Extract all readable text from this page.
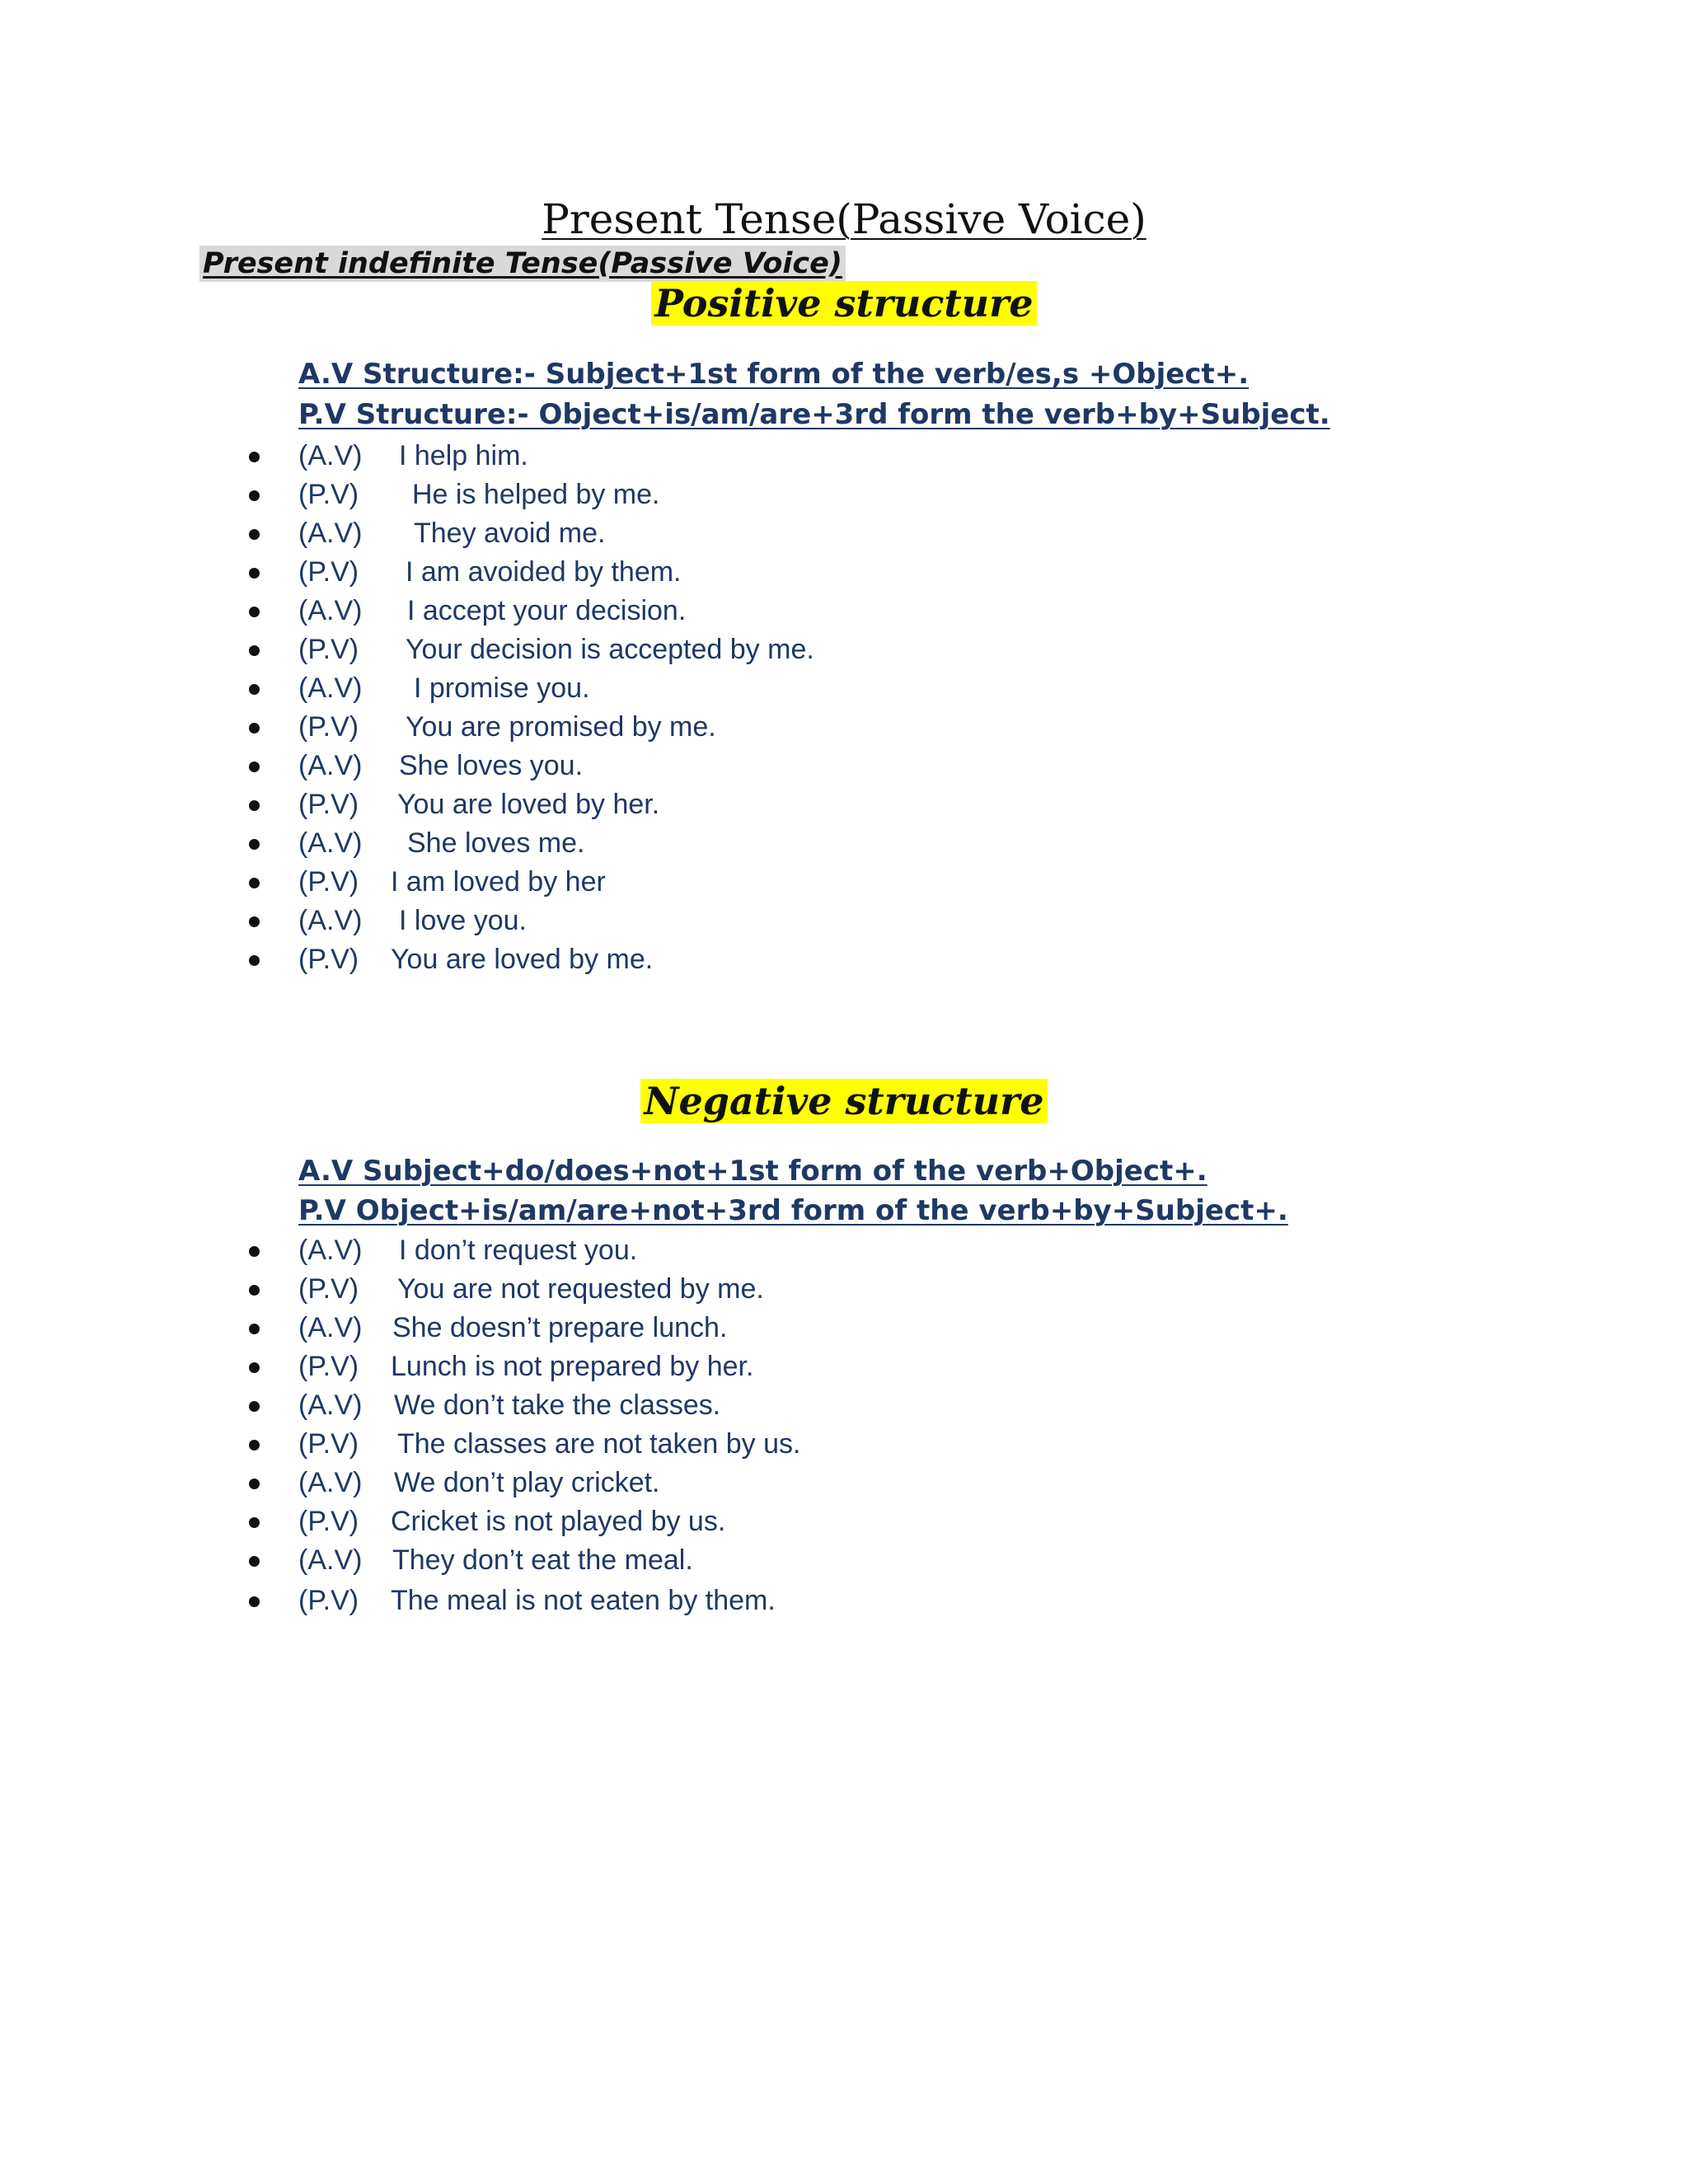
Present Tense(Passive Voice)
Present indefinite Tense(Passive Voice)
Positive structure
A.V Structure:- Subject+1st form of the verb/es,s +Object+.
P.V Structure:- Object+is/am/are+3rd form the verb+by+Subject.
(A.V) I help him.
(P.V) He is helped by me.
(A.V) They avoid me.
(P.V) I am avoided by them.
(A.V) I accept your decision.
(P.V) Your decision is accepted by me.
(A.V) I promise you.
(P.V) You are promised by me.
(A.V) She loves you.
(P.V) You are loved by her.
(A.V) She loves me.
(P.V) I am loved by her
(A.V) I love you.
(P.V) You are loved by me.
Negative structure
A.V Subject+do/does+not+1st form of the verb+Object+.
P.V Object+is/am/are+not+3rd form of the verb+by+Subject+.
(A.V) I don’t request you.
(P.V) You are not requested by me.
(A.V) She doesn’t prepare lunch.
(P.V) Lunch is not prepared by her.
(A.V) We don’t take the classes.
(P.V) The classes are not taken by us.
(A.V) We don’t play cricket.
(P.V) Cricket is not played by us.
(A.V) They don’t eat the meal.
(P.V) The meal is not eaten by them.
